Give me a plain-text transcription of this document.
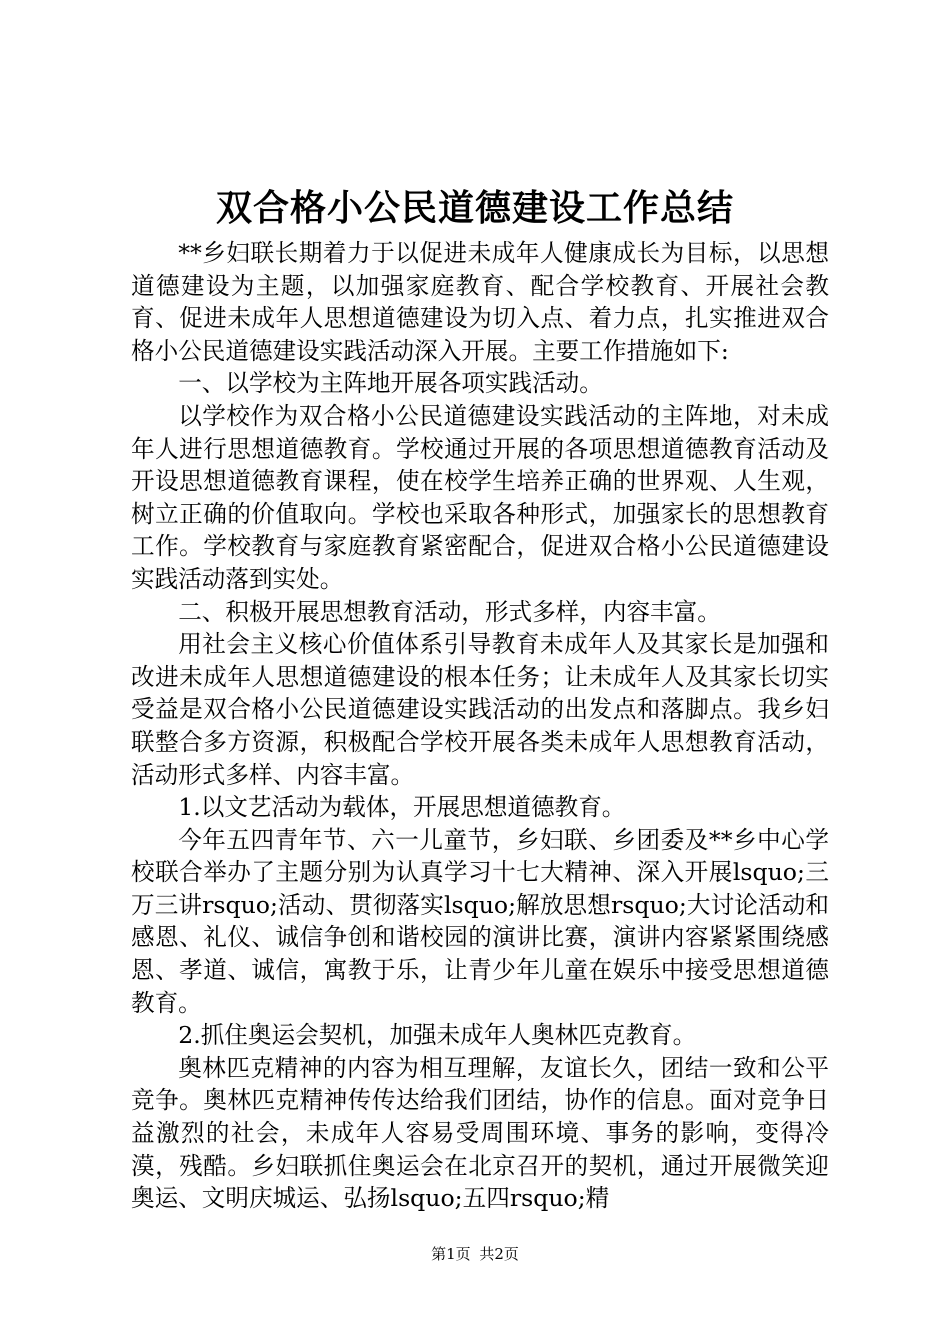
双合格小公民道德建设工作总结

**乡妇联长期着力于以促进未成年人健康成长为目标，以思想道德建设为主题，以加强家庭教育、配合学校教育、开展社会教育、促进未成年人思想道德建设为切入点、着力点，扎实推进双合格小公民道德建设实践活动深入开展。主要工作措施如下:

一、以学校为主阵地开展各项实践活动。

以学校作为双合格小公民道德建设实践活动的主阵地，对未成年人进行思想道德教育。学校通过开展的各项思想道德教育活动及开设思想道德教育课程，使在校学生培养正确的世界观、人生观，树立正确的价值取向。学校也采取各种形式，加强家长的思想教育工作。学校教育与家庭教育紧密配合，促进双合格小公民道德建设实践活动落到实处。

二、积极开展思想教育活动，形式多样，内容丰富。

用社会主义核心价值体系引导教育未成年人及其家长是加强和改进未成年人思想道德建设的根本任务；让未成年人及其家长切实受益是双合格小公民道德建设实践活动的出发点和落脚点。我乡妇联整合多方资源，积极配合学校开展各类未成年人思想教育活动，活动形式多样、内容丰富。

1.以文艺活动为载体，开展思想道德教育。

今年五四青年节、六一儿童节，乡妇联、乡团委及**乡中心学校联合举办了主题分别为认真学习十七大精神、深入开展lsquo;三万三讲rsquo;活动、贯彻落实lsquo;解放思想rsquo;大讨论活动和感恩、礼仪、诚信争创和谐校园的演讲比赛，演讲内容紧紧围绕感恩、孝道、诚信，寓教于乐，让青少年儿童在娱乐中接受思想道德教育。

2.抓住奥运会契机，加强未成年人奥林匹克教育。

奥林匹克精神的内容为相互理解，友谊长久，团结一致和公平竞争。奥林匹克精神传传达给我们团结，协作的信息。面对竞争日益激烈的社会，未成年人容易受周围环境、事务的影响，变得冷漠，残酷。乡妇联抓住奥运会在北京召开的契机，通过开展微笑迎奥运、文明庆城运、弘扬lsquo;五四rsquo;精

第1页 共2页
